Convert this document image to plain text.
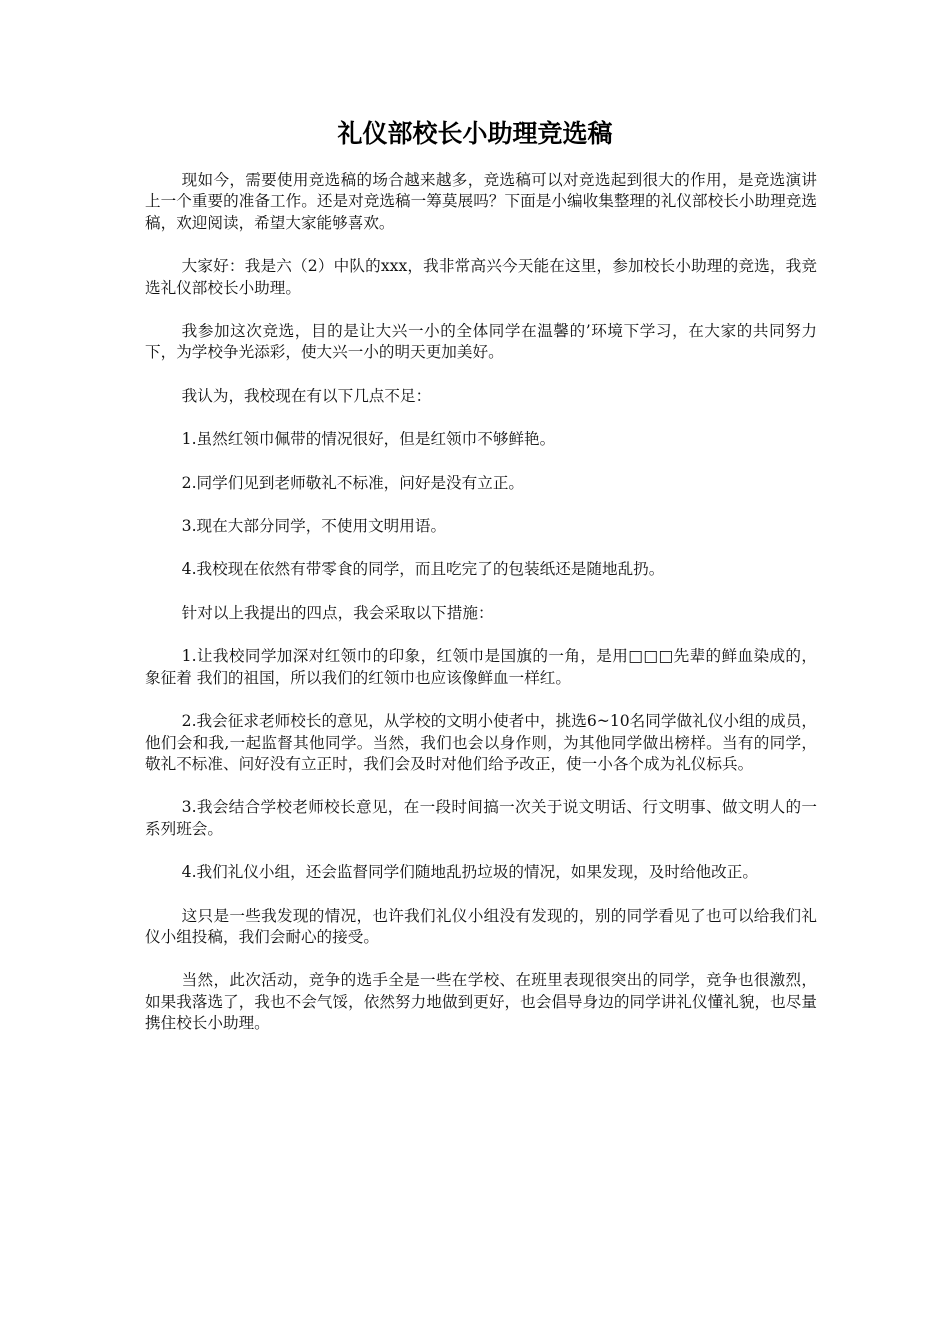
礼仪部校长小助理竞选稿

现如今，需要使用竞选稿的场合越来越多，竞选稿可以对竞选起到很大的作用，是竞选演讲上一个重要的准备工作。还是对竞选稿一筹莫展吗？下面是小编收集整理的礼仪部校长小助理竞选稿，欢迎阅读，希望大家能够喜欢。

大家好：我是六（2）中队的xxx，我非常高兴今天能在这里，参加校长小助理的竞选，我竞选礼仪部校长小助理。

我参加这次竞选，目的是让大兴一小的全体同学在温馨的’环境下学习，在大家的共同努力下，为学校争光添彩，使大兴一小的明天更加美好。

我认为，我校现在有以下几点不足：

1.虽然红领巾佩带的情况很好，但是红领巾不够鲜艳。

2.同学们见到老师敬礼不标准，问好是没有立正。

3.现在大部分同学，不使用文明用语。

4.我校现在依然有带零食的同学，而且吃完了的包装纸还是随地乱扔。

针对以上我提出的四点，我会采取以下措施：

1.让我校同学加深对红领巾的印象，红领巾是国旗的一角，是用□□□先辈的鲜血染成的，象征着 我们的祖国，所以我们的红领巾也应该像鲜血一样红。

2.我会征求老师校长的意见，从学校的文明小使者中，挑选6~10名同学做礼仪小组的成员，他们会和我,一起监督其他同学。当然，我们也会以身作则，为其他同学做出榜样。当有的同学，敬礼不标准、问好没有立正时，我们会及时对他们给予改正，使一小各个成为礼仪标兵。

3.我会结合学校老师校长意见，在一段时间搞一次关于说文明话、行文明事、做文明人的一系列班会。

4.我们礼仪小组，还会监督同学们随地乱扔垃圾的情况，如果发现，及时给他改正。

这只是一些我发现的情况，也许我们礼仪小组没有发现的，别的同学看见了也可以给我们礼仪小组投稿，我们会耐心的接受。

当然，此次活动，竞争的选手全是一些在学校、在班里表现很突出的同学，竞争也很激烈，如果我落选了，我也不会气馁，依然努力地做到更好，也会倡导身边的同学讲礼仪懂礼貌，也尽量携住校长小助理。
